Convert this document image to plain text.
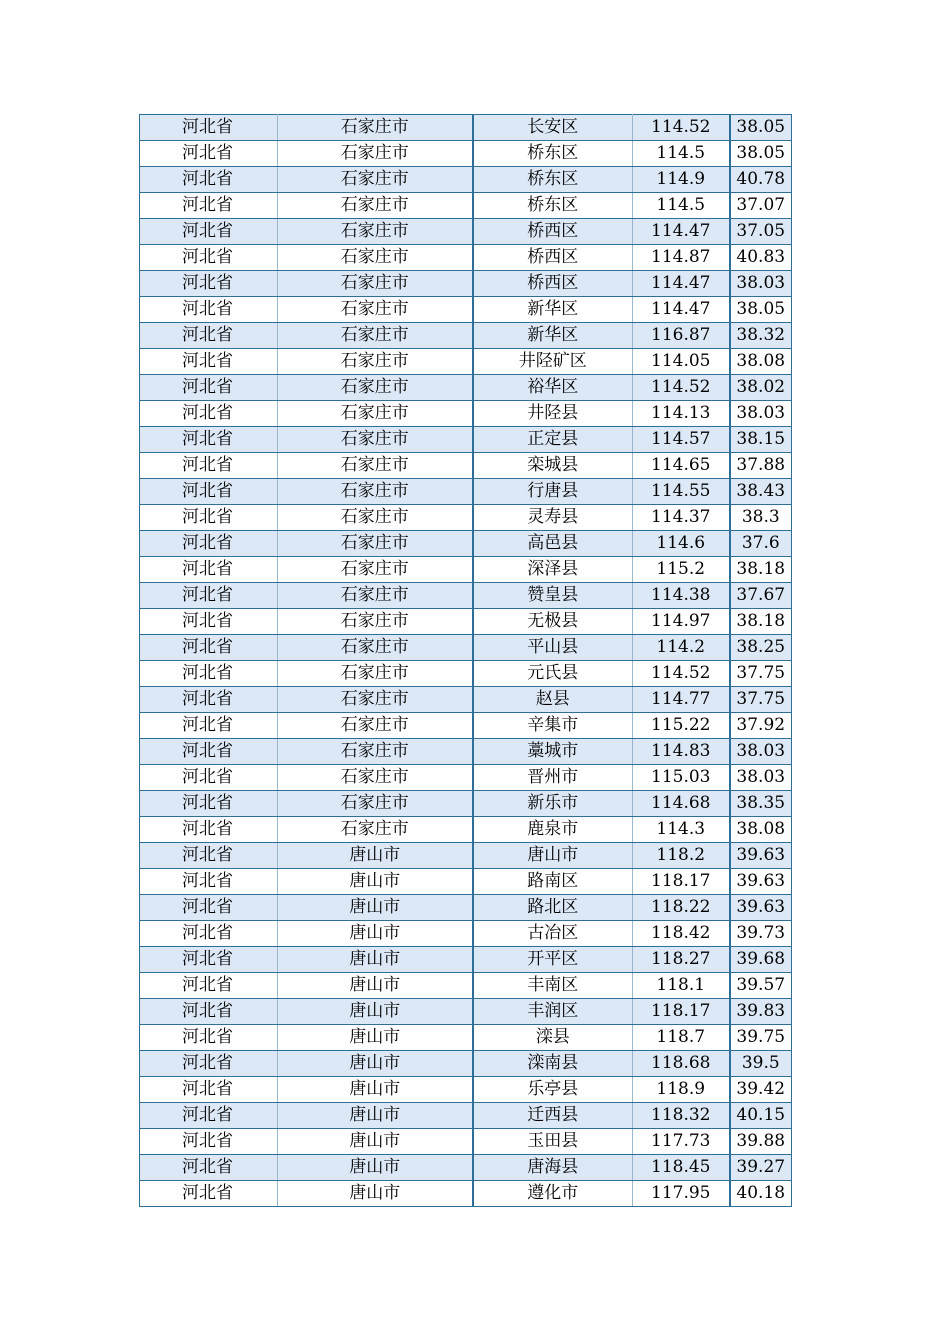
河北省	石家庄市	长安区	114.52	38.05
河北省	石家庄市	桥东区	114.5	38.05
河北省	石家庄市	桥东区	114.9	40.78
河北省	石家庄市	桥东区	114.5	37.07
河北省	石家庄市	桥西区	114.47	37.05
河北省	石家庄市	桥西区	114.87	40.83
河北省	石家庄市	桥西区	114.47	38.03
河北省	石家庄市	新华区	114.47	38.05
河北省	石家庄市	新华区	116.87	38.32
河北省	石家庄市	井陉矿区	114.05	38.08
河北省	石家庄市	裕华区	114.52	38.02
河北省	石家庄市	井陉县	114.13	38.03
河北省	石家庄市	正定县	114.57	38.15
河北省	石家庄市	栾城县	114.65	37.88
河北省	石家庄市	行唐县	114.55	38.43
河北省	石家庄市	灵寿县	114.37	38.3
河北省	石家庄市	高邑县	114.6	37.6
河北省	石家庄市	深泽县	115.2	38.18
河北省	石家庄市	赞皇县	114.38	37.67
河北省	石家庄市	无极县	114.97	38.18
河北省	石家庄市	平山县	114.2	38.25
河北省	石家庄市	元氏县	114.52	37.75
河北省	石家庄市	赵县	114.77	37.75
河北省	石家庄市	辛集市	115.22	37.92
河北省	石家庄市	藁城市	114.83	38.03
河北省	石家庄市	晋州市	115.03	38.03
河北省	石家庄市	新乐市	114.68	38.35
河北省	石家庄市	鹿泉市	114.3	38.08
河北省	唐山市	唐山市	118.2	39.63
河北省	唐山市	路南区	118.17	39.63
河北省	唐山市	路北区	118.22	39.63
河北省	唐山市	古冶区	118.42	39.73
河北省	唐山市	开平区	118.27	39.68
河北省	唐山市	丰南区	118.1	39.57
河北省	唐山市	丰润区	118.17	39.83
河北省	唐山市	滦县	118.7	39.75
河北省	唐山市	滦南县	118.68	39.5
河北省	唐山市	乐亭县	118.9	39.42
河北省	唐山市	迁西县	118.32	40.15
河北省	唐山市	玉田县	117.73	39.88
河北省	唐山市	唐海县	118.45	39.27
河北省	唐山市	遵化市	117.95	40.18
